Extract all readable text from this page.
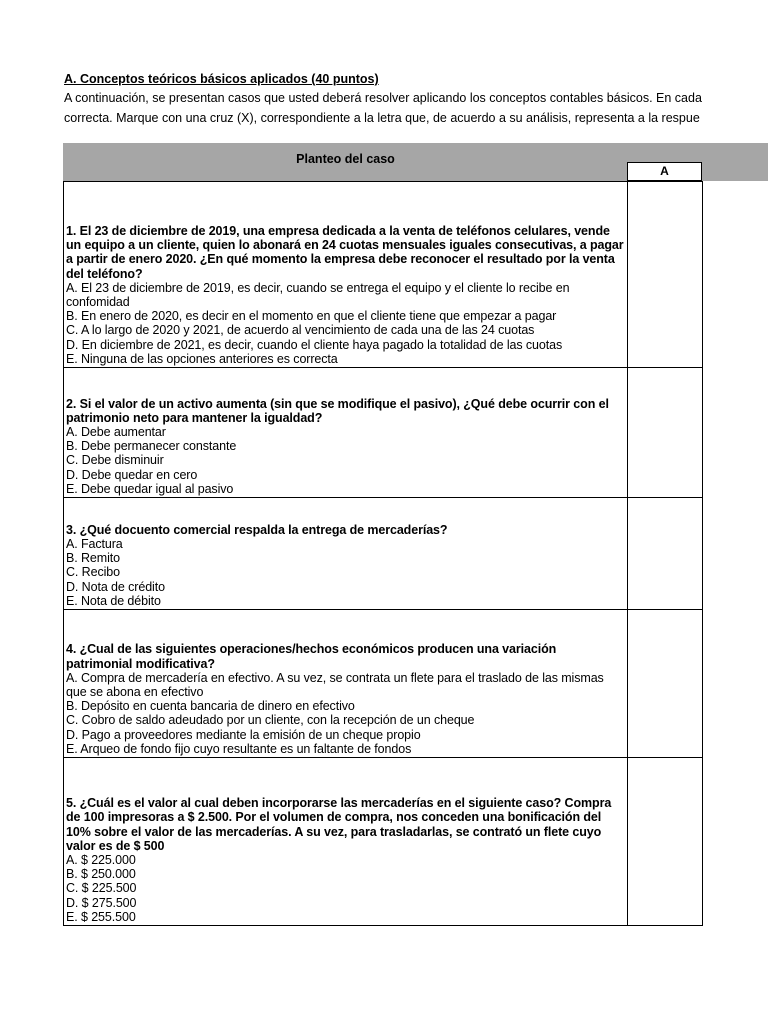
A. Conceptos teóricos básicos aplicados (40 puntos)
A continuación, se presentan casos que usted deberá resolver aplicando los conceptos contables básicos. En cada
correcta. Marque con una cruz (X), correspondiente a la letra que, de acuerdo a su análisis, representa a la respue
Planteo del caso
A
1. El 23 de diciembre de 2019, una empresa dedicada a la venta de teléfonos celulares, vende un equipo a un cliente, quien lo abonará en 24 cuotas mensuales iguales consecutivas, a pagar a partir de enero 2020. ¿En qué momento la empresa debe reconocer el resultado por la venta del teléfono?
A. El 23 de diciembre de 2019, es decir, cuando se entrega el equipo y el cliente lo recibe en
confomidad
B. En enero de 2020, es decir en el momento en que el cliente tiene que empezar a pagar
C. A lo largo de 2020 y 2021, de acuerdo al vencimiento de cada una de las 24 cuotas
D. En diciembre de 2021, es decir, cuando el cliente haya pagado la totalidad de las cuotas
E. Ninguna de las opciones anteriores es correcta
2. Si el valor de un activo aumenta (sin que se modifique el pasivo), ¿Qué debe ocurrir con el patrimonio neto para mantener la igualdad?
A. Debe aumentar
B. Debe permanecer constante
C. Debe disminuir
D. Debe quedar en cero
E. Debe quedar igual al pasivo
3. ¿Qué docuento comercial respalda la entrega de mercaderías?
A. Factura
B. Remito
C. Recibo
D. Nota de crédito
E. Nota de débito
4. ¿Cual de las siguientes operaciones/hechos económicos producen una variación patrimonial modificativa?
A. Compra de mercadería en efectivo. A su vez, se contrata un flete para el traslado de las mismas
que se abona en efectivo
B. Depósito en cuenta bancaria de dinero en efectivo
C. Cobro de saldo adeudado por un cliente, con la recepción de un cheque
D. Pago a proveedores mediante la emisión de un cheque propio
E. Arqueo de fondo fijo cuyo resultante es un faltante de fondos
5. ¿Cuál es el valor al cual deben incorporarse las mercaderías en el siguiente caso? Compra de 100 impresoras a $ 2.500. Por el volumen de compra, nos conceden una bonificación del 10% sobre el valor de las mercaderías. A su vez, para trasladarlas, se contrató un flete cuyo valor es de $ 500
A. $ 225.000
B. $ 250.000
C. $ 225.500
D. $ 275.500
E. $ 255.500
